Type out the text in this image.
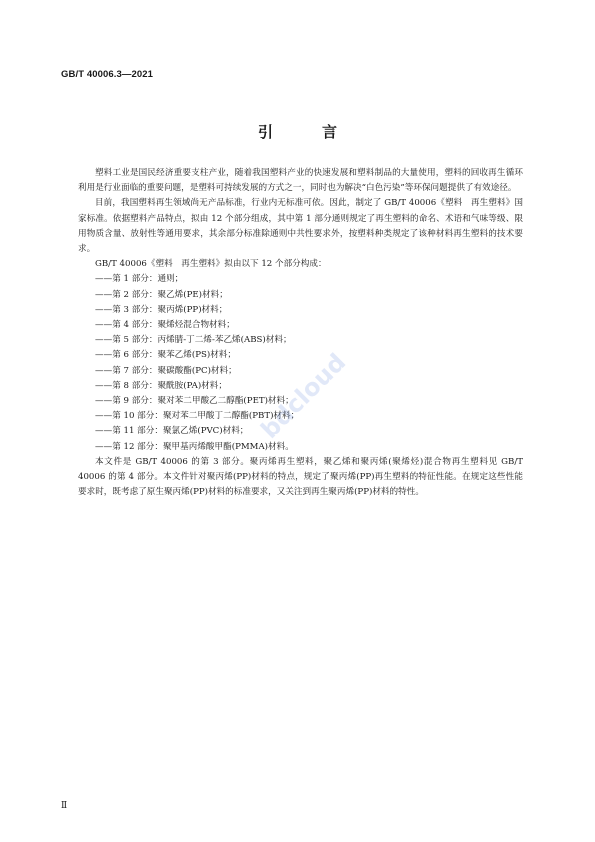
GB/T 40006.3—2021
引　言

塑料工业是国民经济重要支柱产业，随着我国塑料产业的快速发展和塑料制品的大量使用，塑料的回收再生循环利用是行业面临的重要问题，是塑料可持续发展的方式之一，同时也为解决“白色污染”等环保问题提供了有效途径。

目前，我国塑料再生领域尚无产品标准，行业内无标准可依。因此，制定了 GB/T 40006《塑料　再生塑料》国家标准。依据塑料产品特点，拟由 12 个部分组成，其中第 1 部分通则规定了再生塑料的命名、术语和气味等级、限用物质含量、放射性等通用要求，其余部分标准除通则中共性要求外，按塑料种类规定了该种材料再生塑料的技术要求。

GB/T 40006《塑料　再生塑料》拟由以下 12 个部分构成：

——第 1 部分：通则；
——第 2 部分：聚乙烯(PE)材料；
——第 3 部分：聚丙烯(PP)材料；
——第 4 部分：聚烯烃混合物材料；
——第 5 部分：丙烯腈-丁二烯-苯乙烯(ABS)材料；
——第 6 部分：聚苯乙烯(PS)材料；
——第 7 部分：聚碳酸酯(PC)材料；
——第 8 部分：聚酰胺(PA)材料；
——第 9 部分：聚对苯二甲酸乙二醇酯(PET)材料；
——第 10 部分：聚对苯二甲酸丁二醇酯(PBT)材料；
——第 11 部分：聚氯乙烯(PVC)材料；
——第 12 部分：聚甲基丙烯酸甲酯(PMMA)材料。

本文件是 GB/T 40006 的第 3 部分。聚丙烯再生塑料，聚乙烯和聚丙烯(聚烯烃)混合物再生塑料见 GB/T 40006 的第 4 部分。本文件针对聚丙烯(PP)材料的特点，规定了聚丙烯(PP)再生塑料的特征性能。在规定这些性能要求时，既考虑了原生聚丙烯(PP)材料的标准要求，又关注到再生聚丙烯(PP)材料的特性。

bdcloud
Ⅱ
